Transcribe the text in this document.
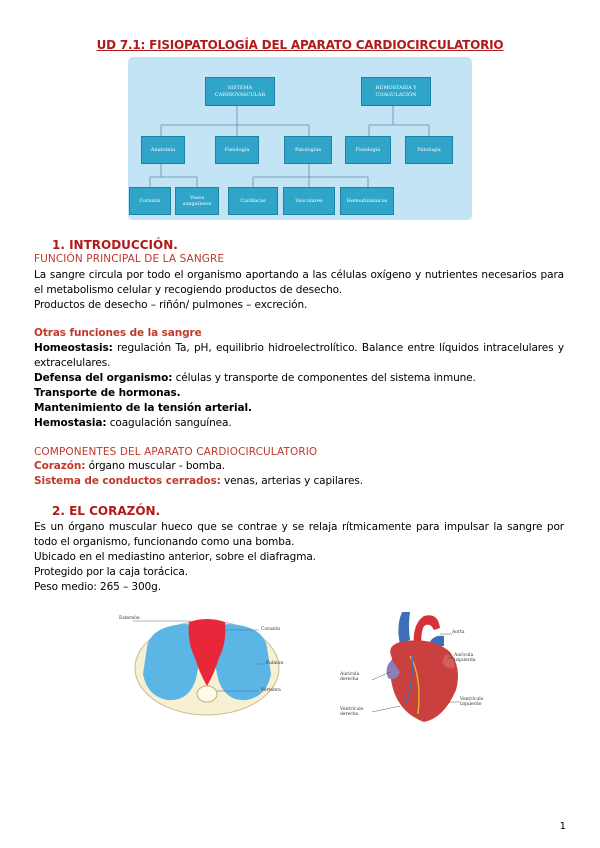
UD 7.1: FISIOPATOLOGÍA DEL APARATO CARDIOCIRCULATORIO
SISTEMA CARDIOVASCULAR
HEMOSTASIA Y COAGULACIÓN
Anatomía	Fisiología	Patologías	Fisiología	Patología
Corazón
Vasos sanguíneos
Cardíacas	Vasculares	Hemodinámicas
1. INTRODUCCIÓN.
FUNCIÓN PRINCIPAL DE LA SANGRE
La sangre circula por todo el organismo aportando a las células oxígeno y nutrientes necesarios para el metabolismo celular y recogiendo productos de desecho.
Productos de desecho – riñón/ pulmones – excreción.
Otras funciones de la sangre
Homeostasis: regulación Ta, pH, equilibrio hidroelectrolítico. Balance entre líquidos intracelulares y extracelulares.
Defensa del organismo: células y transporte de componentes del sistema inmune.
Transporte de hormonas.
Mantenimiento de la tensión arterial.
Hemostasia: coagulación sanguínea.
COMPONENTES DEL APARATO CARDIOCIRCULATORIO
Corazón: órgano muscular - bomba.
Sistema de conductos cerrados: venas, arterias y capilares.
2. EL CORAZÓN.
Es un órgano muscular hueco que se contrae y se relaja rítmicamente para impulsar la sangre por todo el organismo, funcionando como una bomba.
Ubicado en el mediastino anterior, sobre el diafragma.
Protegido por la caja torácica.
Peso medio: 265 – 300g.
Esternón
Corazón
Pulmón
Vértebra
Aorta
Aurícula izquierda
Aurícula derecha
Ventrículo izquierdo
Ventrículo derecho
1
